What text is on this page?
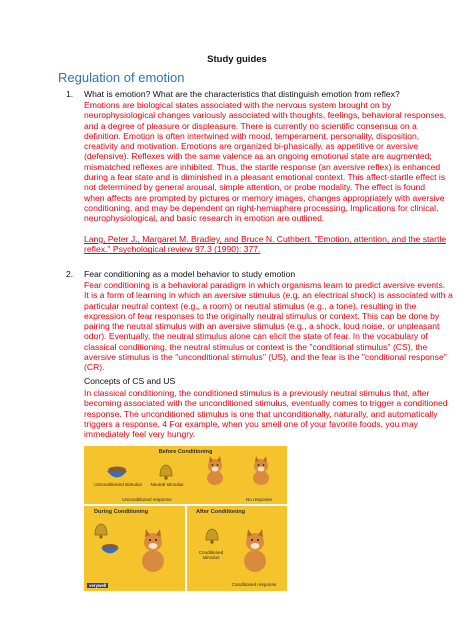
Study guides
Regulation of emotion
1. What is emotion? What are the characteristics that distinguish emotion from reflex?
Emotions are biological states associated with the nervous system brought on by
neurophysiological changes variously associated with thoughts, feelings, behavioral responses,
and a degree of pleasure or displeasure. There is currently no scientific consensus on a
definition. Emotion is often intertwined with mood, temperament, personality, disposition,
creativity and motivation. Emotions are organized bi-phasically, as appetitive or aversive
(defensive). Reflexes with the same valence as an ongoing emotional state are augmented;
mismatched reflexes are inhibited. Thus, the startle response (an aversive reflex) is enhanced
during a fear state and is diminished in a pleasant emotional context. This affect-startle effect is
not determined by general arousal, simple attention, or probe modality. The effect is found
when affects are prompted by pictures or memory images, changes appropriately with aversive
conditioning, and may be dependent on right-hemisphere processing. Implications for clinical,
neurophysiological, and basic research in emotion are outlined.
Lang, Peter J., Margaret M. Bradley, and Bruce N. Cuthbert. "Emotion, attention, and the startle
reflex." Psychological review 97.3 (1990): 377.
2. Fear conditioning as a model behavior to study emotion
Fear conditioning is a behavioral paradigm in which organisms learn to predict aversive events.
It is a form of learning in which an aversive stimulus (e.g. an electrical shock) is associated with a
particular neutral context (e.g., a room) or neutral stimulus (e.g., a tone), resulting in the
expression of fear responses to the originally neutral stimulus or context. This can be done by
pairing the neutral stimulus with an aversive stimulus (e.g., a shock, loud noise, or unpleasant
odor). Eventually, the neutral stimulus alone can elicit the state of fear. In the vocabulary of
classical conditioning, the neutral stimulus or context is the "conditional stimulus" (CS), the
aversive stimulus is the "unconditional stimulus" (US), and the fear is the "conditional response"
(CR).
Concepts of CS and US
In classical conditioning, the conditioned stimulus is a previously neutral stimulus that, after
becoming associated with the unconditioned stimulus, eventually comes to trigger a conditioned
response. The unconditioned stimulus is one that unconditionally, naturally, and automatically
triggers a response. 4 For example, when you smell one of your favorite foods, you may
immediately feel very hungry.
Before Conditioning
Unconditioned stimulus	Neutral stimulus
Unconditioned response	No response
During Conditioning	After Conditioning
Conditioned stimulus
Conditioned response
verywell
